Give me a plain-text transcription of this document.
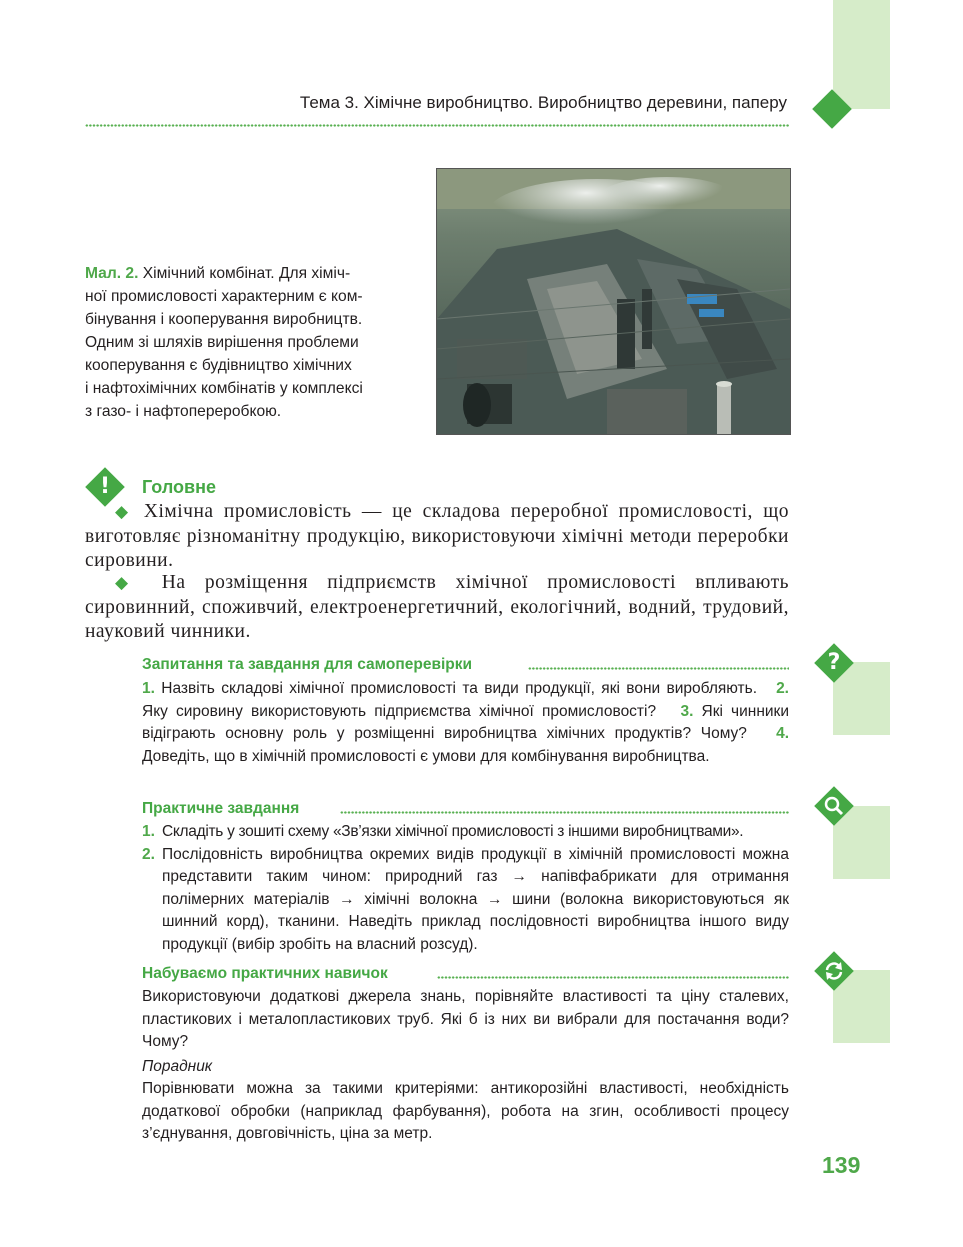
Тема 3. Хімічне виробництво. Виробництво деревини, паперу
Мал. 2. Хімічний комбінат. Для хіміч-
ної промисловості характерним є ком-
бінування і кооперування виробництв.
Одним зі шляхів вирішення проблеми
кооперування є будівництво хімічних
і нафтохімічних комбінатів у комплексі
з газо- і нафтопереробкою.
!	Головне
◆ Хімічна промисловість — це складова переробної промисловості, що виготовляє різноманітну продукцію, використовуючи хімічні методи переробки сировини.
◆ На розміщення підприємств хімічної промисловості впливають сировинний, споживчий, електроенергетичний, екологічний, водний, трудовий, науковий чинники.
?
Запитання та завдання для самоперевірки
1. Назвіть складові хімічної промисловості та види продукції, які вони виробляють. 2. Яку сировину використовують підприємства хімічної промисловості? 3. Які чинники відіграють основну роль у розміщенні виробництва хімічних продуктів? Чому? 4. Доведіть, що в хімічній промисловості є умови для комбінування виробництва.
Практичне завдання
1. Складіть у зошиті схему «Зв’язки хімічної промисловості з іншими виробництвами».
2. Послідовність виробництва окремих видів продукції в хімічній промисловості можна представити таким чином: природний газ → напівфабрикати для отримання полімерних матеріалів → хімічні волокна → шини (волокна використовуються як шинний корд), тканини. Наведіть приклад послідовності виробництва іншого виду продукції (вибір зробіть на власний розсуд).
Набуваємо практичних навичок
Використовуючи додаткові джерела знань, порівняйте властивості та ціну сталевих, пластикових і металопластикових труб. Які б із них ви вибрали для постачання води? Чому?
Порадник
Порівнювати можна за такими критеріями: антикорозійні властивості, необхідність додаткової обробки (наприклад фарбування), робота на згин, особливості процесу з’єднування, довговічність, ціна за метр.
139
